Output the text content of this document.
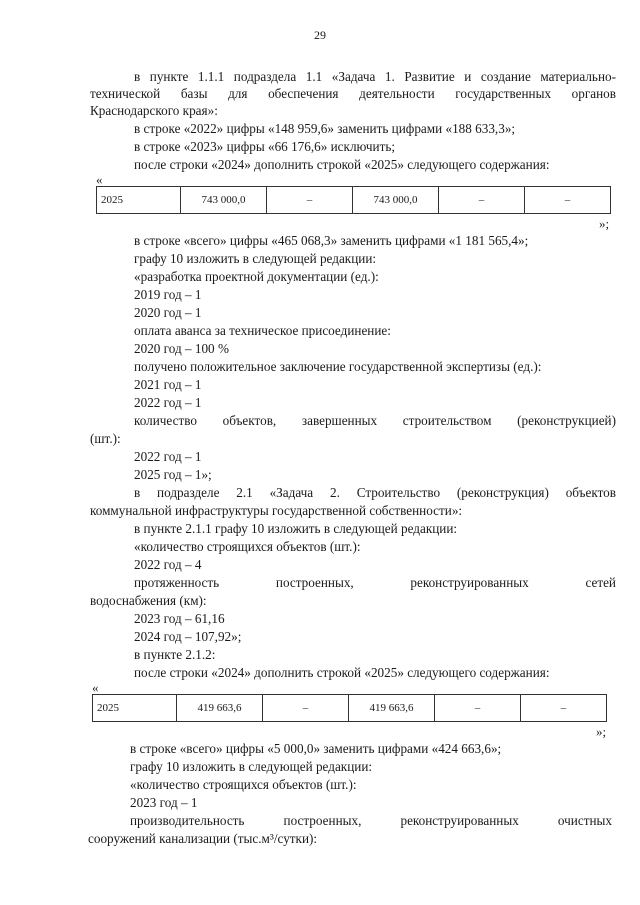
29
в пункте 1.1.1 подраздела 1.1 «Задача 1. Развитие и создание материально-
технической базы для обеспечения деятельности государственных органов
Краснодарского края»:
в строке «2022» цифры «148 959,6» заменить цифрами «188 633,3»;
в строке «2023» цифры «66 176,6» исключить;
после строки «2024» дополнить строкой «2025» следующего содержания:
«
2025	743 000,0	–	743 000,0	–	–
»;
в строке «всего» цифры «465 068,3» заменить цифрами «1 181 565,4»;
графу 10 изложить в следующей редакции:
«разработка проектной документации (ед.):
2019 год – 1
2020 год – 1
оплата аванса за техническое присоединение:
2020 год – 100 %
получено положительное заключение государственной экспертизы (ед.):
2021 год – 1
2022 год – 1
количество объектов, завершенных строительством (реконструкцией)
(шт.):
2022 год – 1
2025 год – 1»;
в подразделе 2.1 «Задача 2. Строительство (реконструкция) объектов
коммунальной инфраструктуры государственной собственности»:
в пункте 2.1.1 графу 10 изложить в следующей редакции:
«количество строящихся объектов (шт.):
2022 год – 4
протяженность построенных, реконструированных сетей
водоснабжения (км):
2023 год – 61,16
2024 год – 107,92»;
в пункте 2.1.2:
после строки «2024» дополнить строкой «2025» следующего содержания:
«
2025	419 663,6	–	419 663,6	–	–
»;
в строке «всего» цифры «5 000,0» заменить цифрами «424 663,6»;
графу 10 изложить в следующей редакции:
«количество строящихся объектов (шт.):
2023 год – 1
производительность построенных, реконструированных очистных
сооружений канализации (тыс.м³/сутки):
